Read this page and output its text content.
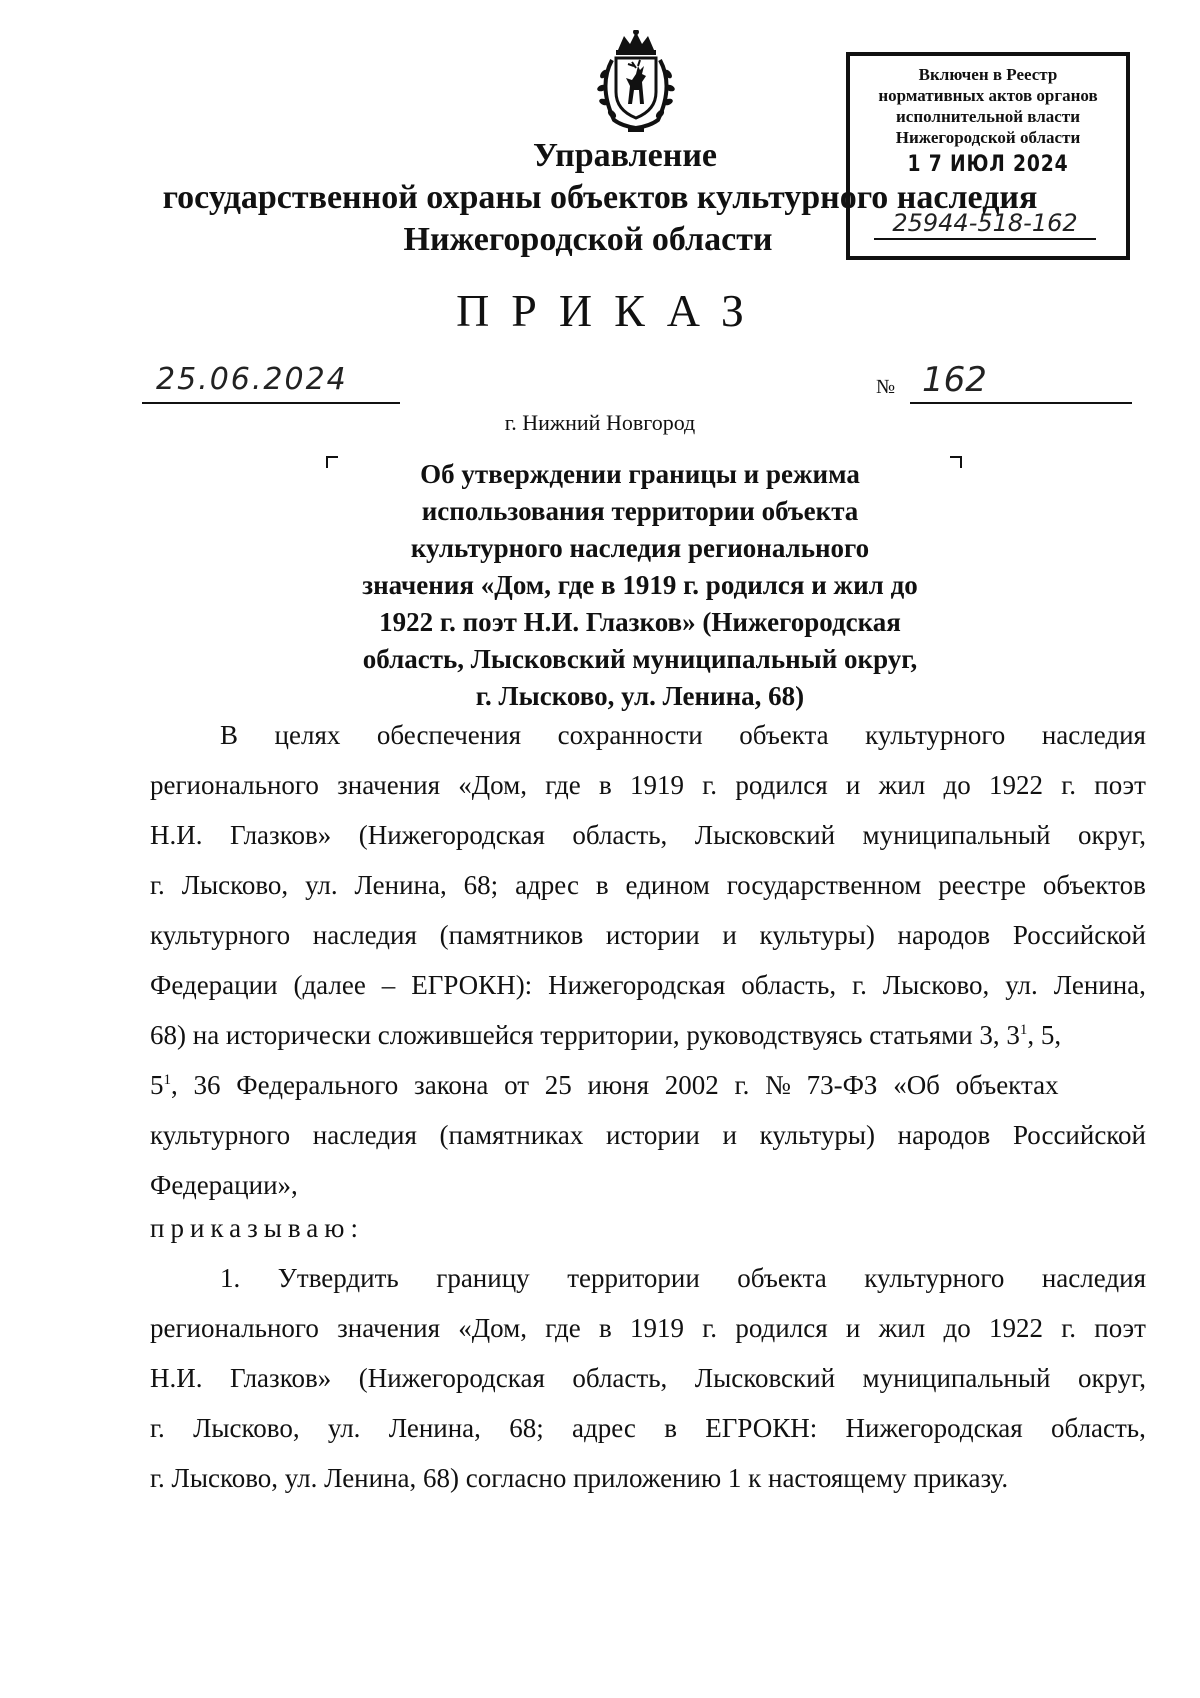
Управление
государственной охраны объектов культурного наследия
Нижегородской области
Включен в Реестр
нормативных актов органов
исполнительной власти
Нижегородской области
1 7 ИЮЛ 2024
25944-518-162
ПРИКАЗ
25.06.2024	№ 162
г. Нижний Новгород
Об утверждении границы и режима
использования территории объекта
культурного наследия регионального
значения «Дом, где в 1919 г. родился и жил до
1922 г. поэт Н.И. Глазков» (Нижегородская
область, Лысковский муниципальный округ,
г. Лысково, ул. Ленина, 68)
В целях обеспечения сохранности объекта культурного наследия
регионального значения «Дом, где в 1919 г. родился и жил до 1922 г. поэт
Н.И. Глазков» (Нижегородская область, Лысковский муниципальный округ,
г. Лысково, ул. Ленина, 68; адрес в едином государственном реестре объектов
культурного наследия (памятников истории и культуры) народов Российской
Федерации (далее – ЕГРОКН): Нижегородская область, г. Лысково, ул. Ленина,
68) на исторически сложившейся территории, руководствуясь статьями 3, $3^1$, 5,
$5^1$, 36 Федерального закона от 25 июня 2002 г. № 73-ФЗ «Об объектах
культурного наследия (памятниках истории и культуры) народов Российской
Федерации»,
приказываю:
1. Утвердить границу территории объекта культурного наследия
регионального значения «Дом, где в 1919 г. родился и жил до 1922 г. поэт
Н.И. Глазков» (Нижегородская область, Лысковский муниципальный округ,
г. Лысково, ул. Ленина, 68; адрес в ЕГРОКН: Нижегородская область,
г. Лысково, ул. Ленина, 68) согласно приложению 1 к настоящему приказу.
